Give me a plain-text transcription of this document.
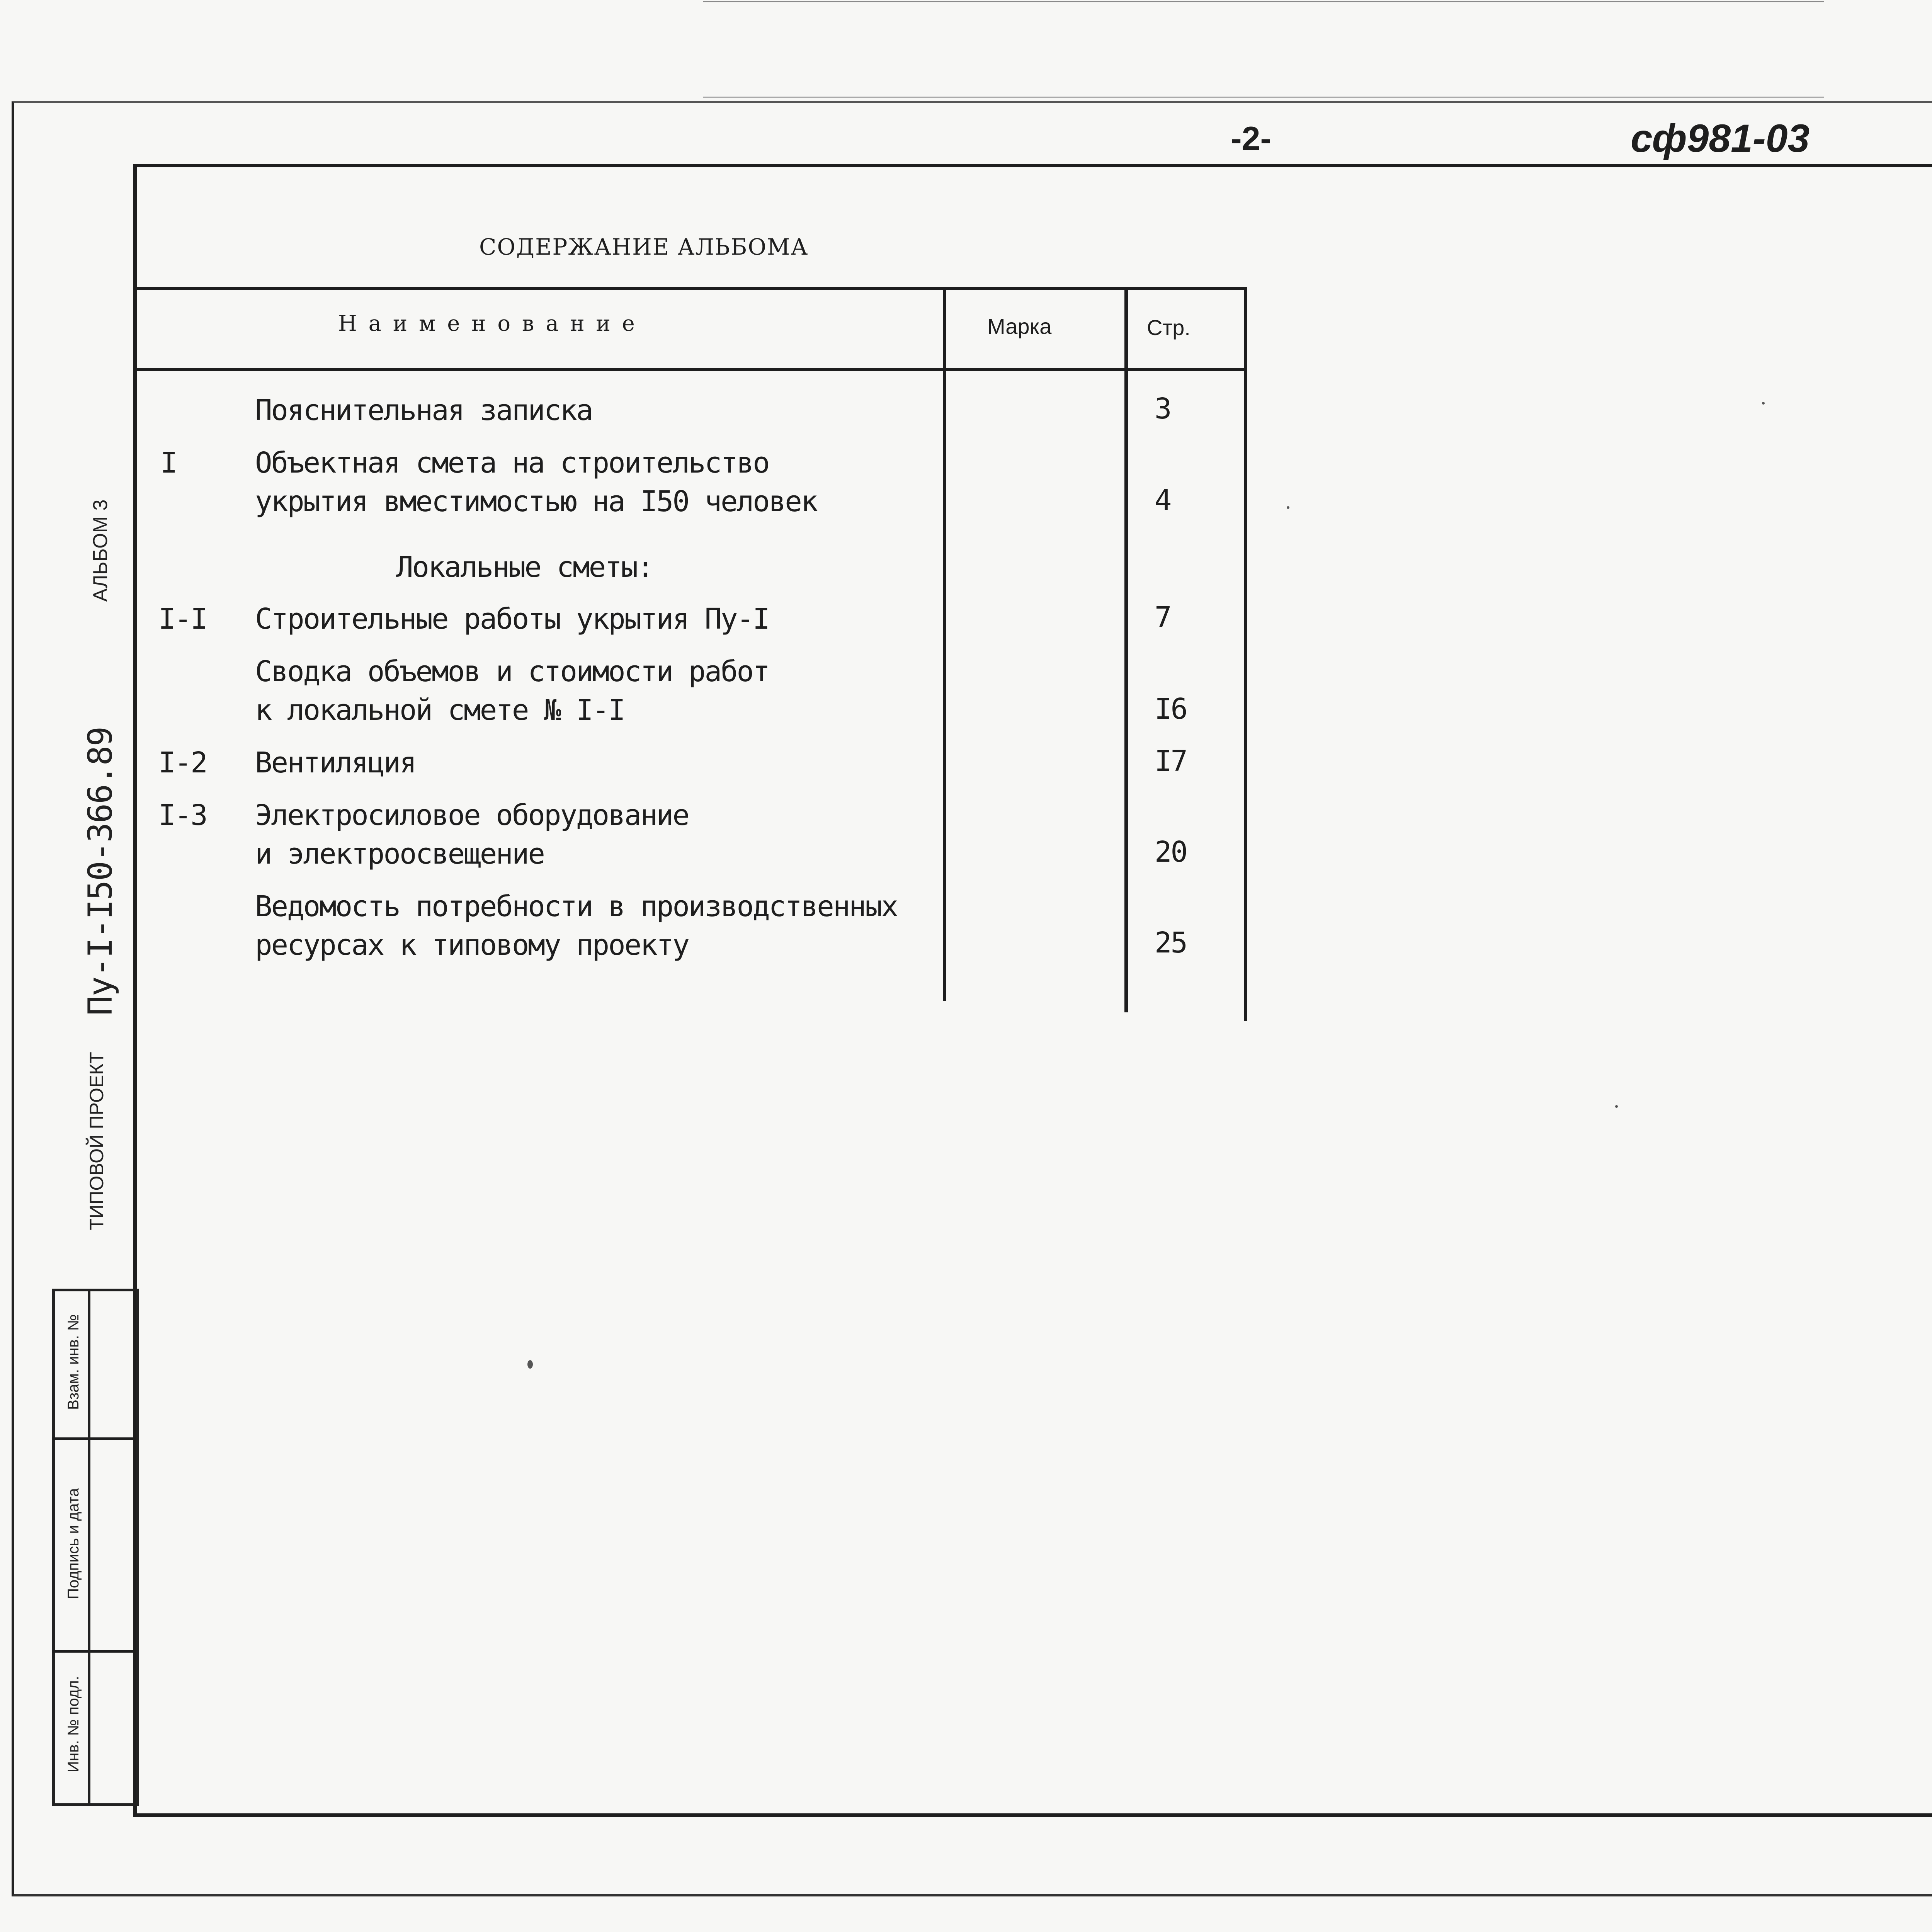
-2-	сф981-03
СОДЕРЖАНИЕ АЛЬБОМА
Н а и м е н о в а н и е	Марка	Стр.
Пояснительная записка	3
I	Объектная смета на строительство
укрытия вместимостью на I50 человек	4
Локальные сметы:
I-I Строительные работы укрытия Пу-I	7
Сводка объемов и стоимости работ
к локальной смете № I-I	I6
I-2 Вентиляция	I7
I-3 Электросиловое оборудование
и электроосвещение	20
Ведомость потребности в производственных
ресурсах к типовому проекту	25
АЛЬБОМ 3
Пу-I-I50-366.89
ТИПОВОЙ ПРОЕКТ
Взам. инв. №
Подпись и дата
Инв. № подл.
